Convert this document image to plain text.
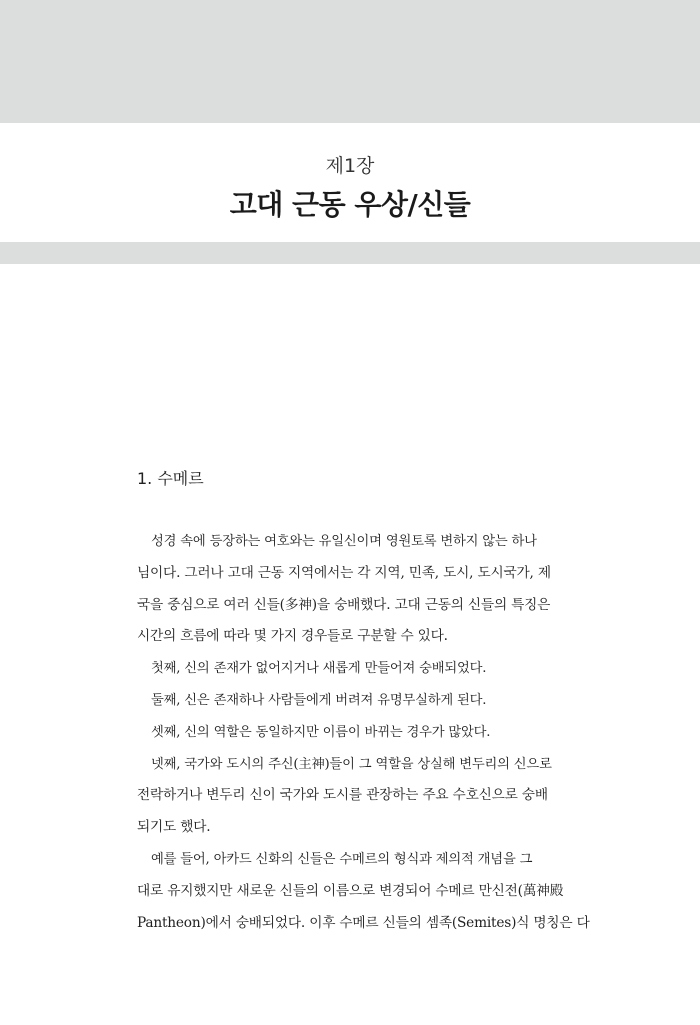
제1장
고대 근동 우상/신들
1. 수메르
성경 속에 등장하는 여호와는 유일신이며 영원토록 변하지 않는 하나
님이다. 그러나 고대 근동 지역에서는 각 지역, 민족, 도시, 도시국가, 제
국을 중심으로 여러 신들(多神)을 숭배했다. 고대 근동의 신들의 특징은
시간의 흐름에 따라 몇 가지 경우들로 구분할 수 있다.
첫째, 신의 존재가 없어지거나 새롭게 만들어져 숭배되었다.
둘째, 신은 존재하나 사람들에게 버려져 유명무실하게 된다.
셋째, 신의 역할은 동일하지만 이름이 바뀌는 경우가 많았다.
넷째, 국가와 도시의 주신(主神)들이 그 역할을 상실해 변두리의 신으로
전락하거나 변두리 신이 국가와 도시를 관장하는 주요 수호신으로 숭배
되기도 했다.
예를 들어, 아카드 신화의 신들은 수메르의 형식과 제의적 개념을 그
대로 유지했지만 새로운 신들의 이름으로 변경되어 수메르 만신전(萬神殿
Pantheon)에서 숭배되었다. 이후 수메르 신들의 셈족(Semites)식 명칭은 다
